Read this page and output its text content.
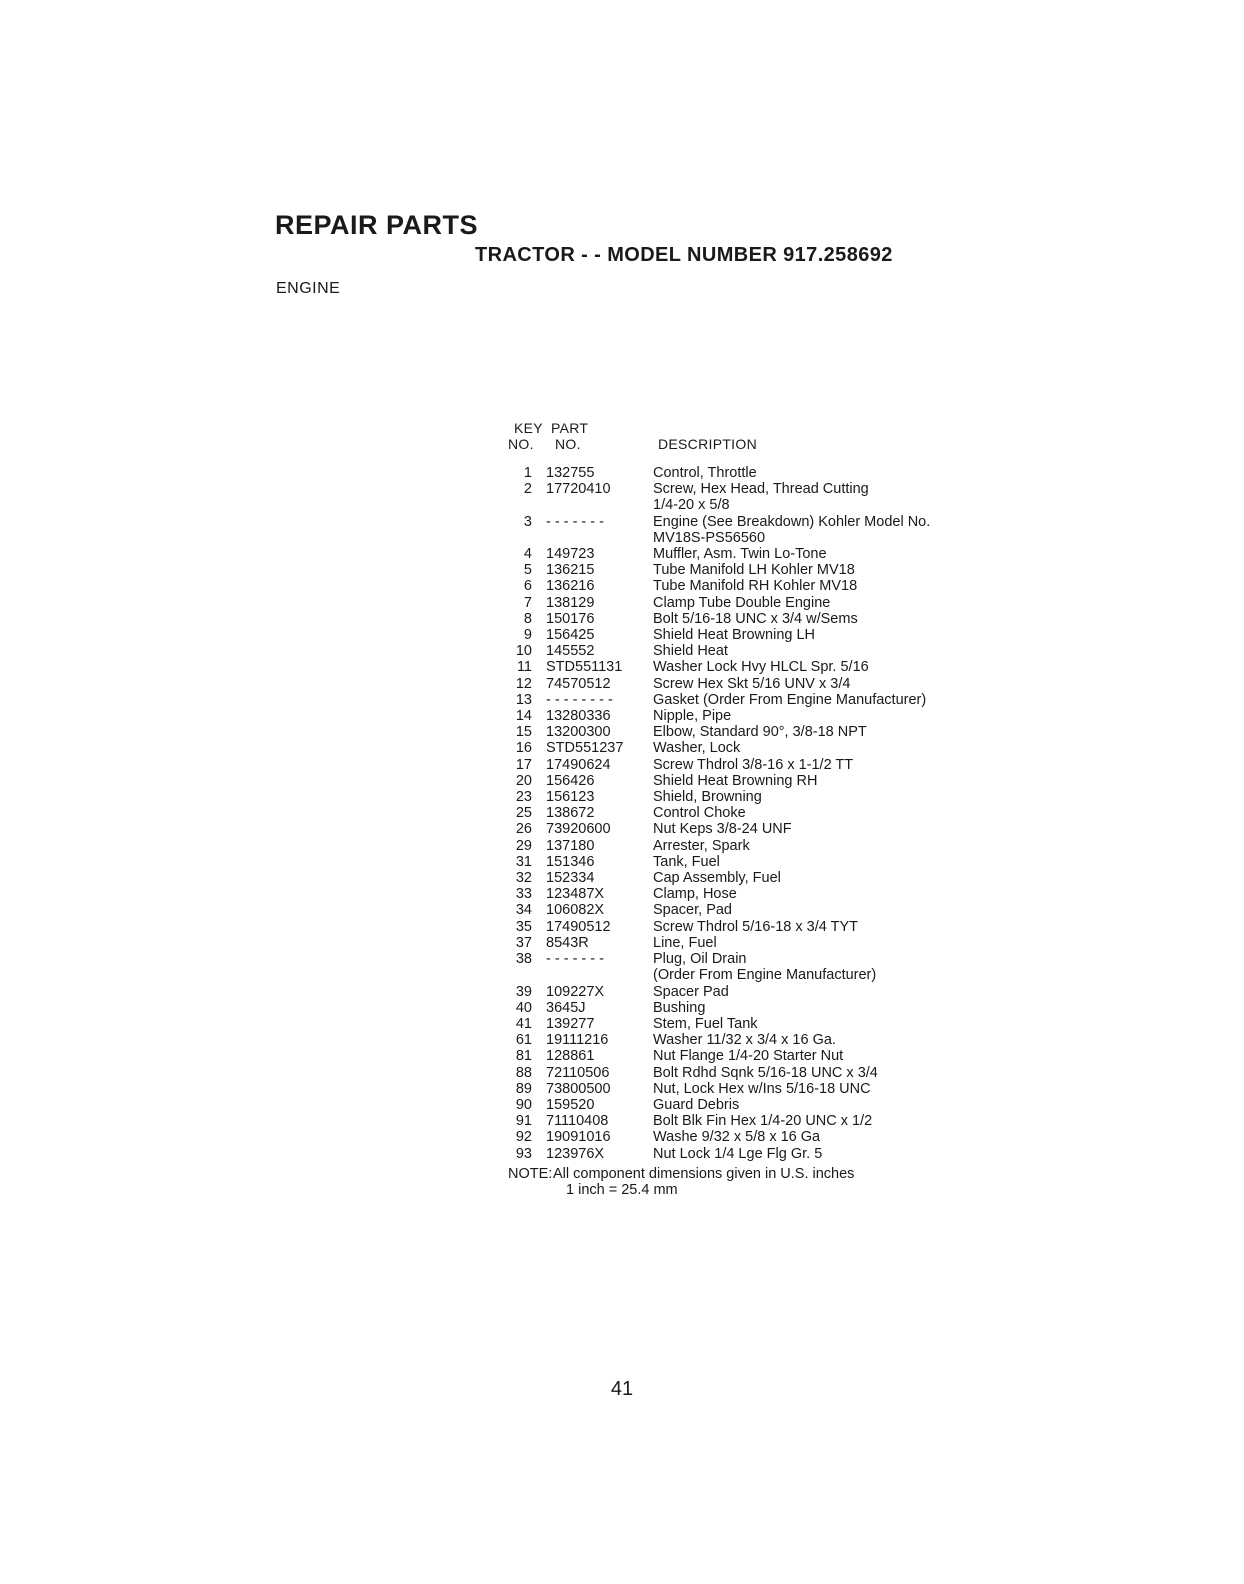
REPAIR PARTS
TRACTOR - - MODEL NUMBER 917.258692
ENGINE
KEY
NO.
PART
NO.	DESCRIPTION
1 132755	Control, Throttle
2 17720410	Screw, Hex Head, Thread Cutting
1/4-20 x 5/8
3 - - - - - - -	Engine (See Breakdown) Kohler Model No.
MV18S-PS56560
4 149723	Muffler, Asm. Twin Lo-Tone
5 136215	Tube Manifold LH Kohler MV18
6 136216	Tube Manifold RH Kohler MV18
7 138129	Clamp Tube Double Engine
8 150176	Bolt 5/16-18 UNC x 3/4 w/Sems
9 156425	Shield Heat Browning LH
10 145552	Shield Heat
11 STD551131	Washer Lock Hvy HLCL Spr. 5/16
12 74570512	Screw Hex Skt 5/16 UNV x 3/4
13 - - - - - - - -	Gasket (Order From Engine Manufacturer)
14 13280336	Nipple, Pipe
15 13200300	Elbow, Standard 90°, 3/8-18 NPT
16 STD551237	Washer, Lock
17 17490624	Screw Thdrol 3/8-16 x 1-1/2 TT
20 156426	Shield Heat Browning RH
23 156123	Shield, Browning
25 138672	Control Choke
26 73920600	Nut Keps 3/8-24 UNF
29 137180	Arrester, Spark
31 151346	Tank, Fuel
32 152334	Cap Assembly, Fuel
33 123487X	Clamp, Hose
34 106082X	Spacer, Pad
35 17490512	Screw Thdrol 5/16-18 x 3/4 TYT
37 8543R	Line, Fuel
38 - - - - - - -	Plug, Oil Drain
(Order From Engine Manufacturer)
39 109227X	Spacer Pad
40 3645J	Bushing
41 139277	Stem, Fuel Tank
61 19111216	Washer 11/32 x 3/4 x 16 Ga.
81 128861	Nut Flange 1/4-20 Starter Nut
88 72110506	Bolt Rdhd Sqnk 5/16-18 UNC x 3/4
89 73800500	Nut, Lock Hex w/Ins 5/16-18 UNC
90 159520	Guard Debris
91 71110408	Bolt Blk Fin Hex 1/4-20 UNC x 1/2
92 19091016	Washe 9/32 x 5/8 x 16 Ga
93 123976X	Nut Lock 1/4 Lge Flg Gr. 5
NOTE:All component dimensions given in U.S. inches
1 inch = 25.4 mm
41
